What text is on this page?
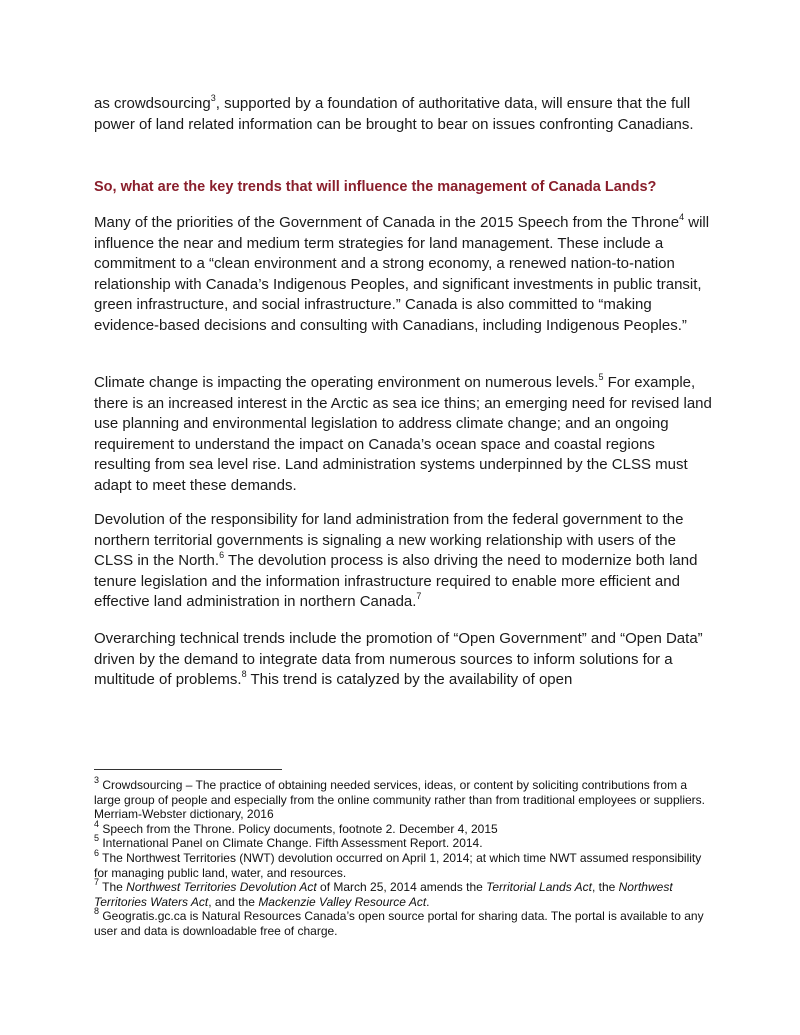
as crowdsourcing$^3$, supported by a foundation of authoritative data, will ensure that the full power of land related information can be brought to bear on issues confronting Canadians.

So, what are the key trends that will influence the management of Canada Lands?

Many of the priorities of the Government of Canada in the 2015 Speech from the Throne$^4$ will influence the near and medium term strategies for land management. These include a commitment to a “clean environment and a strong economy, a renewed nation-to-nation relationship with Canada’s Indigenous Peoples, and significant investments in public transit, green infrastructure, and social infrastructure.” Canada is also committed to “making evidence-based decisions and consulting with Canadians, including Indigenous Peoples.”

Climate change is impacting the operating environment on numerous levels.$^5$ For example, there is an increased interest in the Arctic as sea ice thins; an emerging need for revised land use planning and environmental legislation to address climate change; and an ongoing requirement to understand the impact on Canada’s ocean space and coastal regions resulting from sea level rise. Land administration systems underpinned by the CLSS must adapt to meet these demands.

Devolution of the responsibility for land administration from the federal government to the northern territorial governments is signaling a new working relationship with users of the CLSS in the North.$^6$ The devolution process is also driving the need to modernize both land tenure legislation and the information infrastructure required to enable more efficient and effective land administration in northern Canada.$^7$

Overarching technical trends include the promotion of “Open Government” and “Open Data” driven by the demand to integrate data from numerous sources to inform solutions for a multitude of problems.$^8$ This trend is catalyzed by the availability of open

$^3$ Crowdsourcing – The practice of obtaining needed services, ideas, or content by soliciting contributions from a large group of people and especially from the online community rather than from traditional employees or suppliers. Merriam-Webster dictionary, 2016

$^4$ Speech from the Throne. Policy documents, footnote 2. December 4, 2015

$^5$ International Panel on Climate Change. Fifth Assessment Report. 2014.

$^6$ The Northwest Territories (NWT) devolution occurred on April 1, 2014; at which time NWT assumed responsibility for managing public land, water, and resources.

$^7$ The Northwest Territories Devolution Act of March 25, 2014 amends the Territorial Lands Act, the Northwest Territories Waters Act, and the Mackenzie Valley Resource Act.

$^8$ Geogratis.gc.ca is Natural Resources Canada’s open source portal for sharing data. The portal is available to any user and data is downloadable free of charge.
